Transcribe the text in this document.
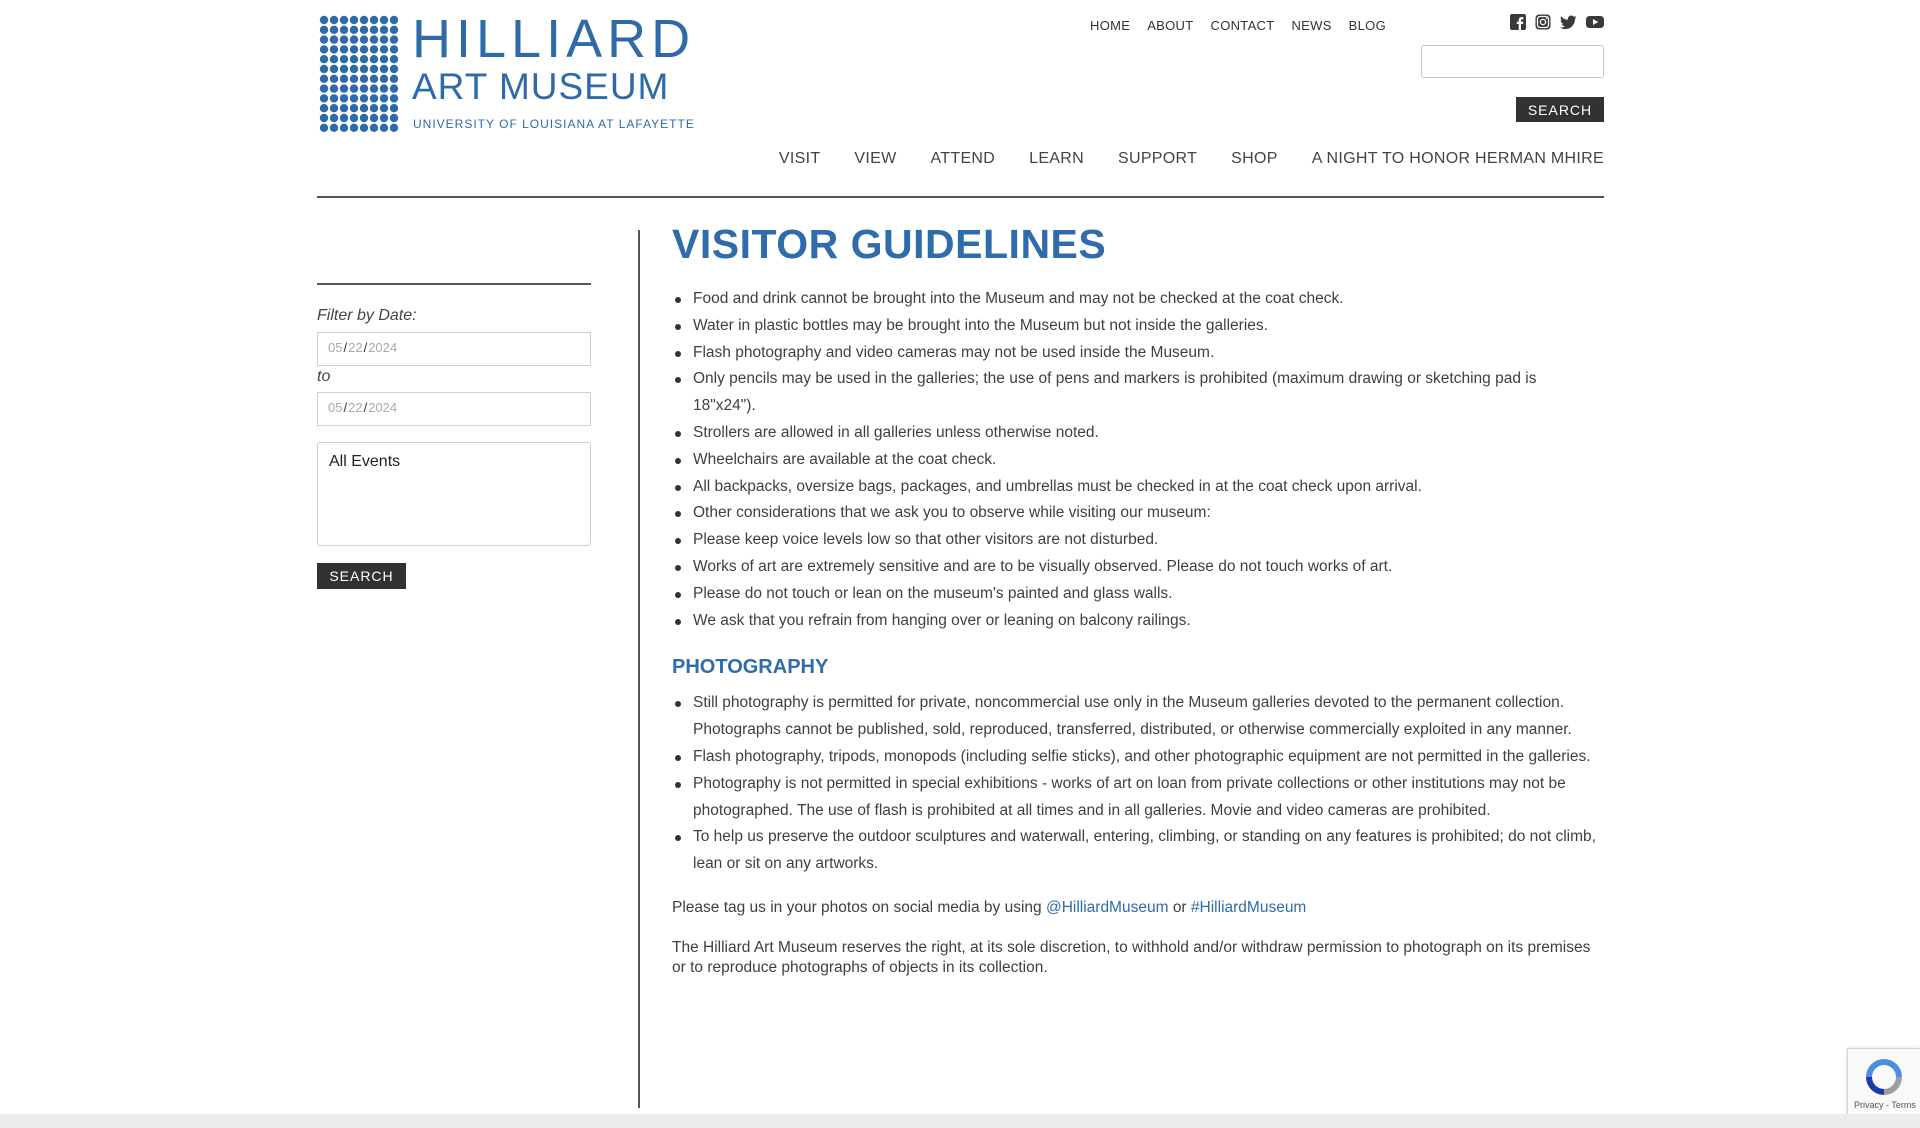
HILLIARD
ART MUSEUM
UNIVERSITY OF LOUISIANA AT LAFAYETTE
HOME ABOUT CONTACT NEWS BLOG
SEARCH
VISIT VIEW ATTEND LEARN SUPPORT SHOP A NIGHT TO HONOR HERMAN MHIRE
Filter by Date:
05/22/2024
to
05/22/2024
All Events
SEARCH
VISITOR GUIDELINES
Food and drink cannot be brought into the Museum and may not be checked at the coat check.
Water in plastic bottles may be brought into the Museum but not inside the galleries.
Flash photography and video cameras may not be used inside the Museum.
Only pencils may be used in the galleries; the use of pens and markers is prohibited (maximum drawing or sketching pad is 18"x24").
Strollers are allowed in all galleries unless otherwise noted.
Wheelchairs are available at the coat check.
All backpacks, oversize bags, packages, and umbrellas must be checked in at the coat check upon arrival.
Other considerations that we ask you to observe while visiting our museum:
Please keep voice levels low so that other visitors are not disturbed.
Works of art are extremely sensitive and are to be visually observed. Please do not touch works of art.
Please do not touch or lean on the museum's painted and glass walls.
We ask that you refrain from hanging over or leaning on balcony railings.
PHOTOGRAPHY
Still photography is permitted for private, noncommercial use only in the Museum galleries devoted to the permanent collection. Photographs cannot be published, sold, reproduced, transferred, distributed, or otherwise commercially exploited in any manner.
Flash photography, tripods, monopods (including selfie sticks), and other photographic equipment are not permitted in the galleries.
Photography is not permitted in special exhibitions - works of art on loan from private collections or other institutions may not be photographed. The use of flash is prohibited at all times and in all galleries. Movie and video cameras are prohibited.
To help us preserve the outdoor sculptures and waterwall, entering, climbing, or standing on any features is prohibited; do not climb, lean or sit on any artworks.

Please tag us in your photos on social media by using @HilliardMuseum or #HilliardMuseum

The Hilliard Art Museum reserves the right, at its sole discretion, to withhold and/or withdraw permission to photograph on its premises or to reproduce photographs of objects in its collection.

Privacy - Terms
